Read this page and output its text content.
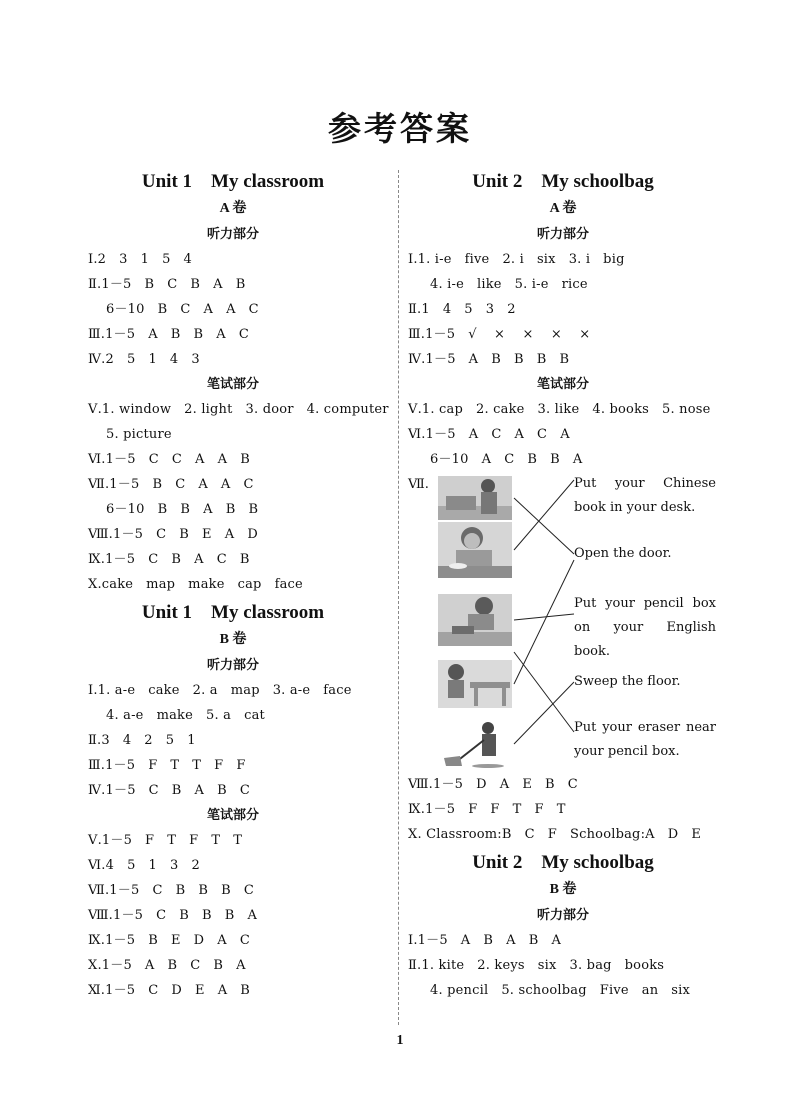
参考答案
Unit 1    My classroom
A 卷
听力部分
Ⅰ.2   3   1   5   4
Ⅱ.1－5   B   C   B   A   B
6－10   B   C   A   A   C
Ⅲ.1－5   A   B   B   A   C
Ⅳ.2   5   1   4   3
笔试部分
Ⅴ.1. window   2. light   3. door   4. computer
5. picture
Ⅵ.1－5   C   C   A   A   B
Ⅶ.1－5   B   C   A   A   C
6－10   B   B   A   B   B
Ⅷ.1－5   C   B   E   A   D
Ⅸ.1－5   C   B   A   C   B
Ⅹ.cake   map   make   cap   face
Unit 1    My classroom
B 卷
听力部分
Ⅰ.1. a-e   cake   2. a   map   3. a-e   face
4. a-e   make   5. a   cat
Ⅱ.3   4   2   5   1
Ⅲ.1－5   F   T   T   F   F
Ⅳ.1－5   C   B   A   B   C
笔试部分
Ⅴ.1－5   F   T   F   T   T
Ⅵ.4   5   1   3   2
Ⅶ.1－5   C   B   B   B   C
Ⅷ.1－5   C   B   B   B   A
Ⅸ.1－5   B   E   D   A   C
Ⅹ.1－5   A   B   C   B   A
Ⅺ.1－5   C   D   E   A   B
Unit 2    My schoolbag
A 卷
听力部分
Ⅰ.1. i-e   five   2. i   six   3. i   big
4. i-e   like   5. i-e   rice
Ⅱ.1   4   5   3   2
Ⅲ.1－5   √    ×    ×    ×    ×
Ⅳ.1－5   A   B   B   B   B
笔试部分
Ⅴ.1. cap   2. cake   3. like   4. books   5. nose
Ⅵ.1－5   A   C   A   C   A
6－10   A   C   B   B   A
Ⅶ.	Put your Chinese book in your desk.
Open the door.
Put your pencil box on your English book.
Sweep the floor.
Put your eraser near your pencil box.
Ⅷ.1－5   D   A   E   B   C
Ⅸ.1－5   F   F   T   F   T
Ⅹ. Classroom:B   C   F   Schoolbag:A   D   E
Unit 2    My schoolbag
B 卷
听力部分
Ⅰ.1－5   A   B   A   B   A
Ⅱ.1. kite   2. keys   six   3. bag   books
4. pencil   5. schoolbag   Five   an   six
1
